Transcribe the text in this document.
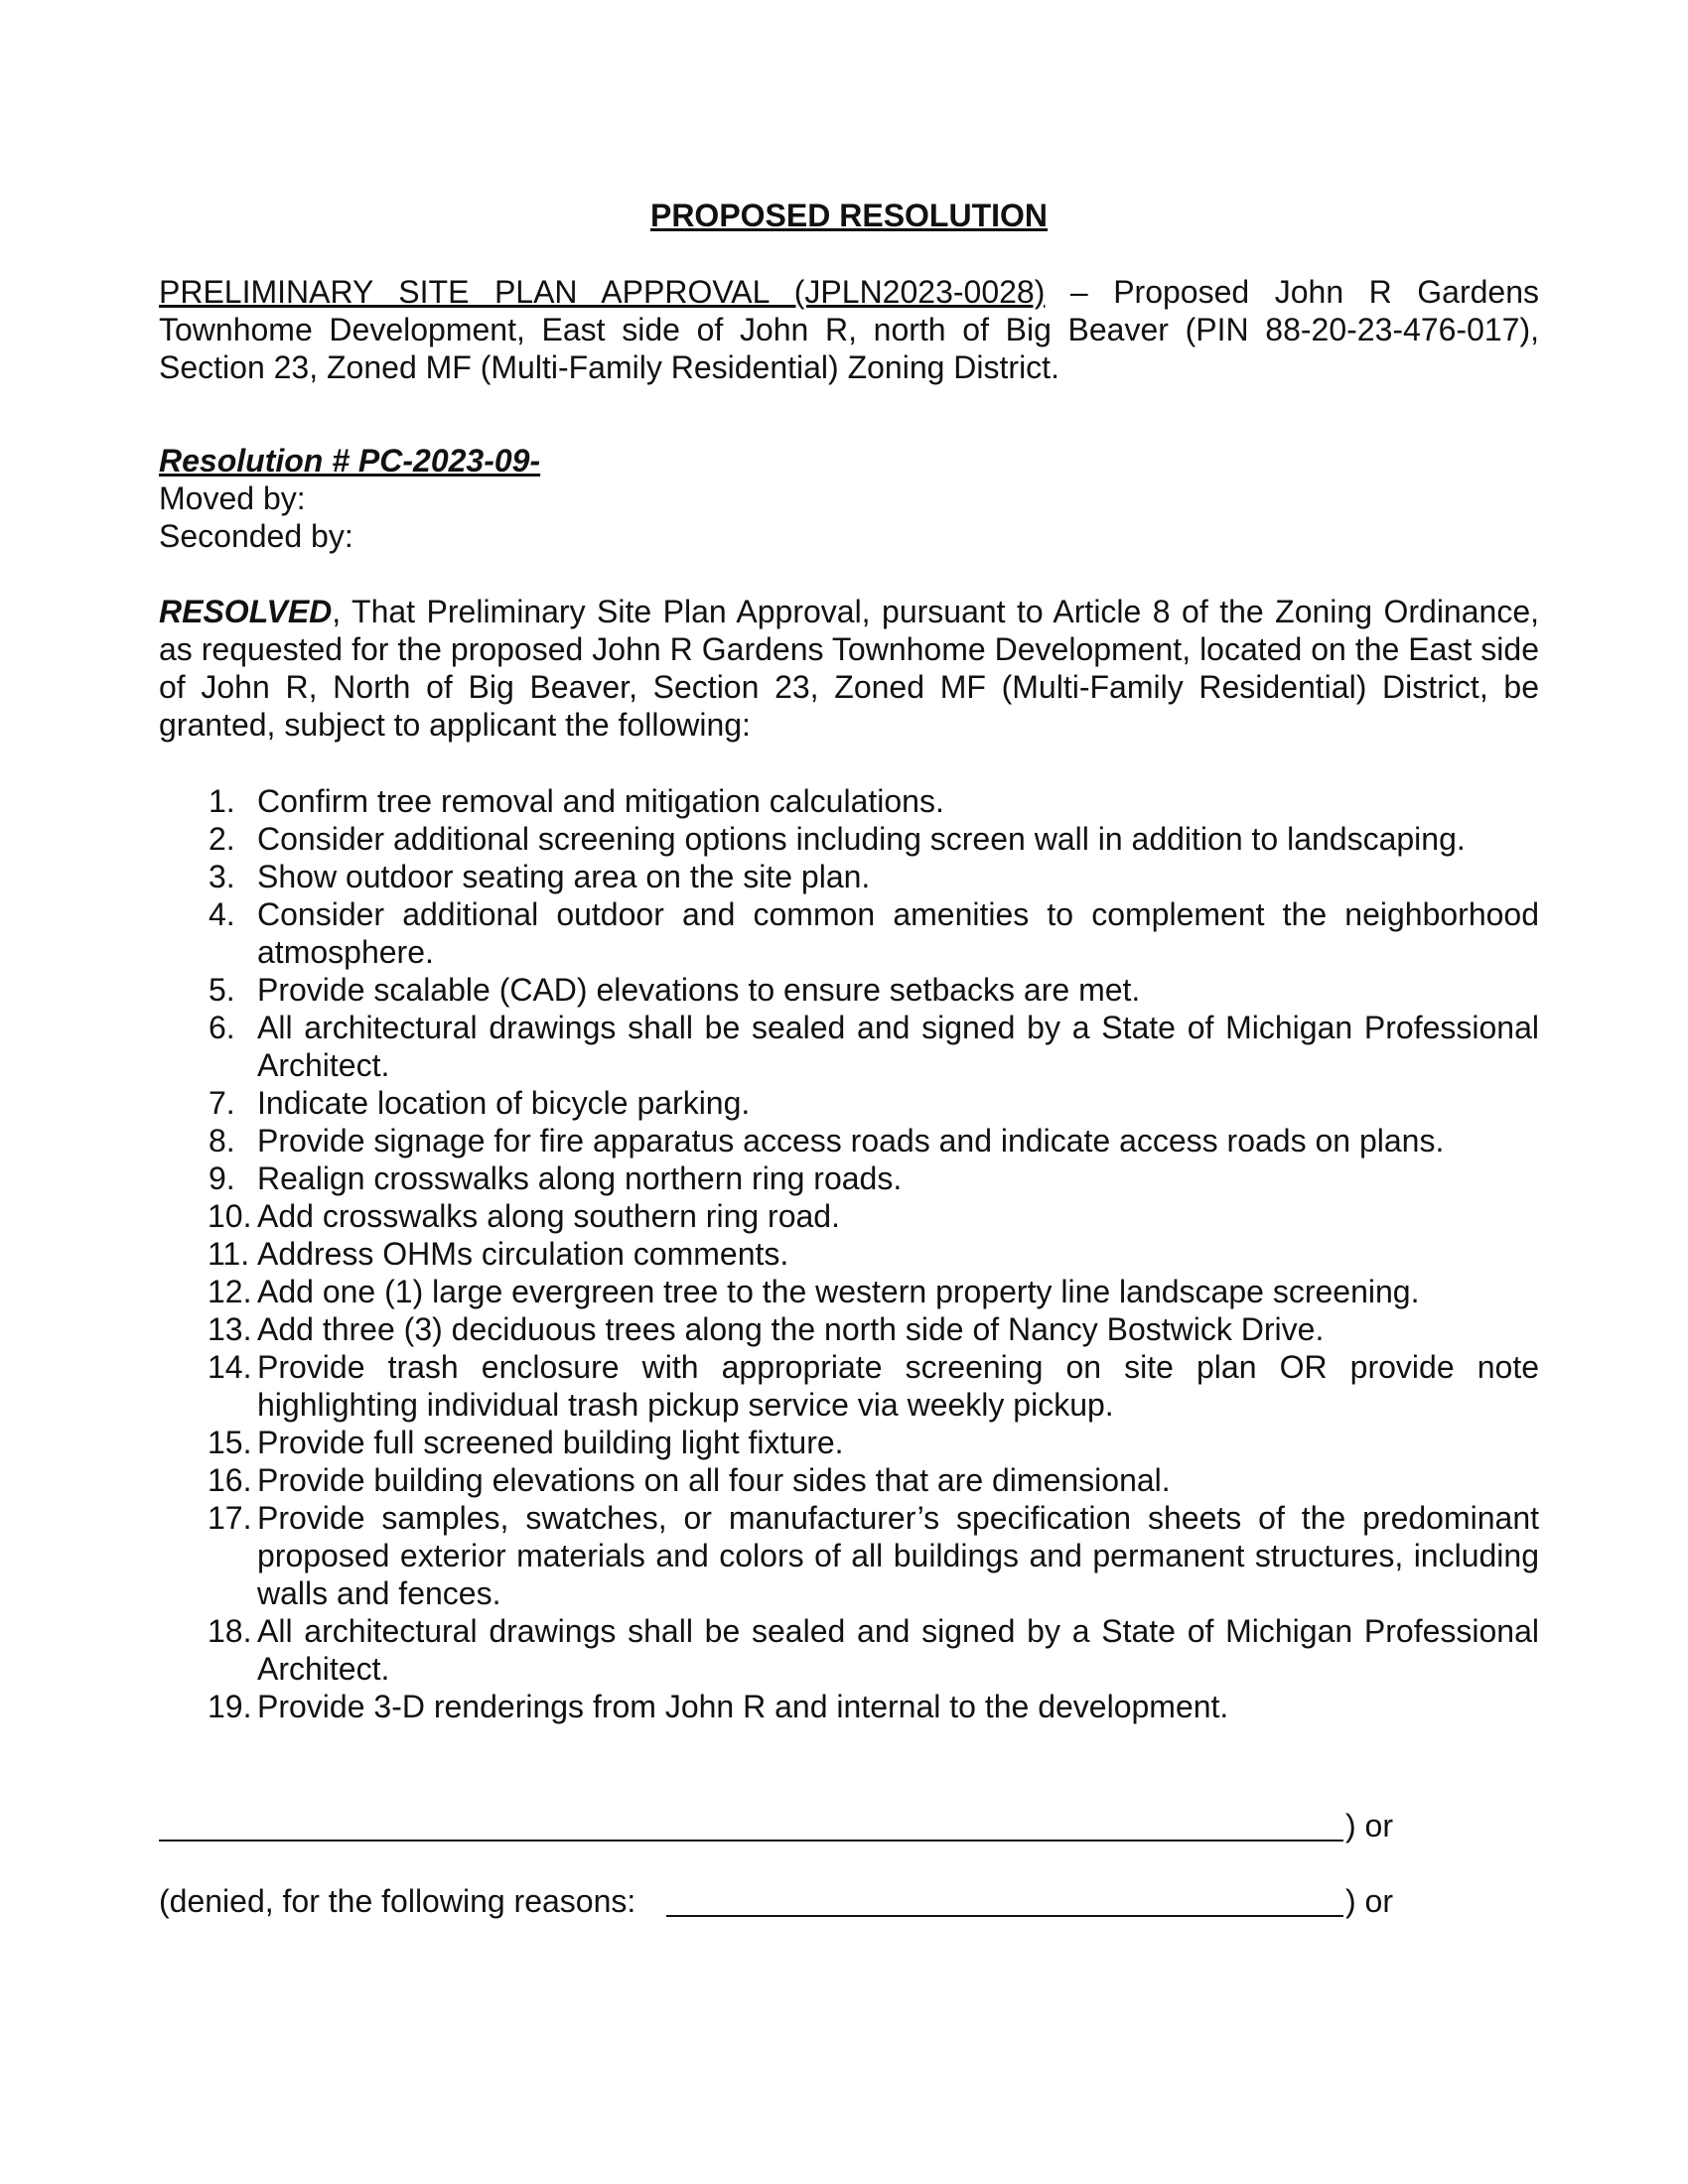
PROPOSED RESOLUTION
PRELIMINARY SITE PLAN APPROVAL (JPLN2023-0028) – Proposed John R Gardens Townhome Development, East side of John R, north of Big Beaver (PIN 88-20-23-476-017), Section 23, Zoned MF (Multi-Family Residential) Zoning District.
Resolution # PC-2023-09-
Moved by:
Seconded by:
RESOLVED, That Preliminary Site Plan Approval, pursuant to Article 8 of the Zoning Ordinance, as requested for the proposed John R Gardens Townhome Development, located on the East side of John R, North of Big Beaver, Section 23, Zoned MF (Multi-Family Residential) District, be granted, subject to applicant the following:
1. Confirm tree removal and mitigation calculations.
2. Consider additional screening options including screen wall in addition to landscaping.
3. Show outdoor seating area on the site plan.
4. Consider additional outdoor and common amenities to complement the neighborhood atmosphere.
5. Provide scalable (CAD) elevations to ensure setbacks are met.
6. All architectural drawings shall be sealed and signed by a State of Michigan Professional Architect.
7. Indicate location of bicycle parking.
8. Provide signage for fire apparatus access roads and indicate access roads on plans.
9. Realign crosswalks along northern ring roads.
10. Add crosswalks along southern ring road.
11. Address OHMs circulation comments.
12. Add one (1) large evergreen tree to the western property line landscape screening.
13. Add three (3) deciduous trees along the north side of Nancy Bostwick Drive.
14. Provide trash enclosure with appropriate screening on site plan OR provide note highlighting individual trash pickup service via weekly pickup.
15. Provide full screened building light fixture.
16. Provide building elevations on all four sides that are dimensional.
17. Provide samples, swatches, or manufacturer’s specification sheets of the predominant proposed exterior materials and colors of all buildings and permanent structures, including walls and fences.
18. All architectural drawings shall be sealed and signed by a State of Michigan Professional Architect.
19. Provide 3-D renderings from John R and internal to the development.
) or
(denied, for the following reasons:	) or
